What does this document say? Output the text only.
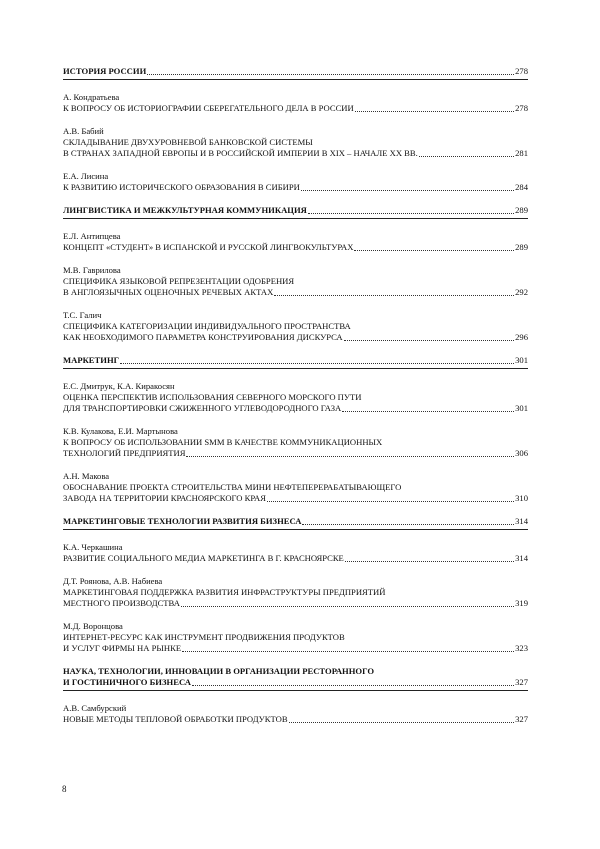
ИСТОРИЯ РОССИИ	278
А. Кондратьева
К ВОПРОСУ ОБ ИСТОРИОГРАФИИ СБЕРЕГАТЕЛЬНОГО ДЕЛА В РОССИИ	278
А.В. Бабий
СКЛАДЫВАНИЕ ДВУХУРОВНЕВОЙ БАНКОВСКОЙ СИСТЕМЫ
В СТРАНАХ ЗАПАДНОЙ ЕВРОПЫ И В РОССИЙСКОЙ ИМПЕРИИ В XIX – НАЧАЛЕ XX ВВ.	281
Е.А. Лисина
К РАЗВИТИЮ ИСТОРИЧЕСКОГО ОБРАЗОВАНИЯ В СИБИРИ	284
ЛИНГВИСТИКА И МЕЖКУЛЬТУРНАЯ КОММУНИКАЦИЯ	289
Е.Л. Антипцева
КОНЦЕПТ «СТУДЕНТ» В ИСПАНСКОЙ И РУССКОЙ ЛИНГВОКУЛЬТУРАХ	289
М.В. Гаврилова
СПЕЦИФИКА ЯЗЫКОВОЙ РЕПРЕЗЕНТАЦИИ ОДОБРЕНИЯ
В АНГЛОЯЗЫЧНЫХ ОЦЕНОЧНЫХ РЕЧЕВЫХ АКТАХ	292
Т.С. Галич
СПЕЦИФИКА КАТЕГОРИЗАЦИИ ИНДИВИДУАЛЬНОГО ПРОСТРАНСТВА
КАК НЕОБХОДИМОГО ПАРАМЕТРА КОНСТРУИРОВАНИЯ ДИСКУРСА	296
МАРКЕТИНГ	301
Е.С. Дмитрук, К.А. Киракосян
ОЦЕНКА ПЕРСПЕКТИВ ИСПОЛЬЗОВАНИЯ СЕВЕРНОГО МОРСКОГО ПУТИ
ДЛЯ ТРАНСПОРТИРОВКИ СЖИЖЕННОГО УГЛЕВОДОРОДНОГО ГАЗА	301
К.В. Кулакова, Е.И. Мартынова
К ВОПРОСУ ОБ ИСПОЛЬЗОВАНИИ SMM В КАЧЕСТВЕ КОММУНИКАЦИОННЫХ
ТЕХНОЛОГИЙ ПРЕДПРИЯТИЯ	306
А.Н. Макова
ОБОСНАВАНИЕ ПРОЕКТА СТРОИТЕЛЬСТВА МИНИ НЕФТЕПЕРЕРАБАТЫВАЮЩЕГО
ЗАВОДА НА ТЕРРИТОРИИ КРАСНОЯРСКОГО КРАЯ	310
МАРКЕТИНГОВЫЕ ТЕХНОЛОГИИ РАЗВИТИЯ БИЗНЕСА	314
К.А. Черкашина
РАЗВИТИЕ СОЦИАЛЬНОГО МЕДИА МАРКЕТИНГА В Г. КРАСНОЯРСКЕ	314
Д.Т. Роянова, А.В. Набиева
МАРКЕТИНГОВАЯ ПОДДЕРЖКА РАЗВИТИЯ ИНФРАСТРУКТУРЫ ПРЕДПРИЯТИЙ
МЕСТНОГО ПРОИЗВОДСТВА	319
М.Д. Воронцова
ИНТЕРНЕТ-РЕСУРС КАК ИНСТРУМЕНТ ПРОДВИЖЕНИЯ ПРОДУКТОВ
И УСЛУГ ФИРМЫ НА РЫНКЕ	323
НАУКА, ТЕХНОЛОГИИ, ИННОВАЦИИ В ОРГАНИЗАЦИИ РЕСТОРАННОГО
И ГОСТИНИЧНОГО БИЗНЕСА	327
А.В. Самбурский
НОВЫЕ МЕТОДЫ ТЕПЛОВОЙ ОБРАБОТКИ ПРОДУКТОВ	327
8
